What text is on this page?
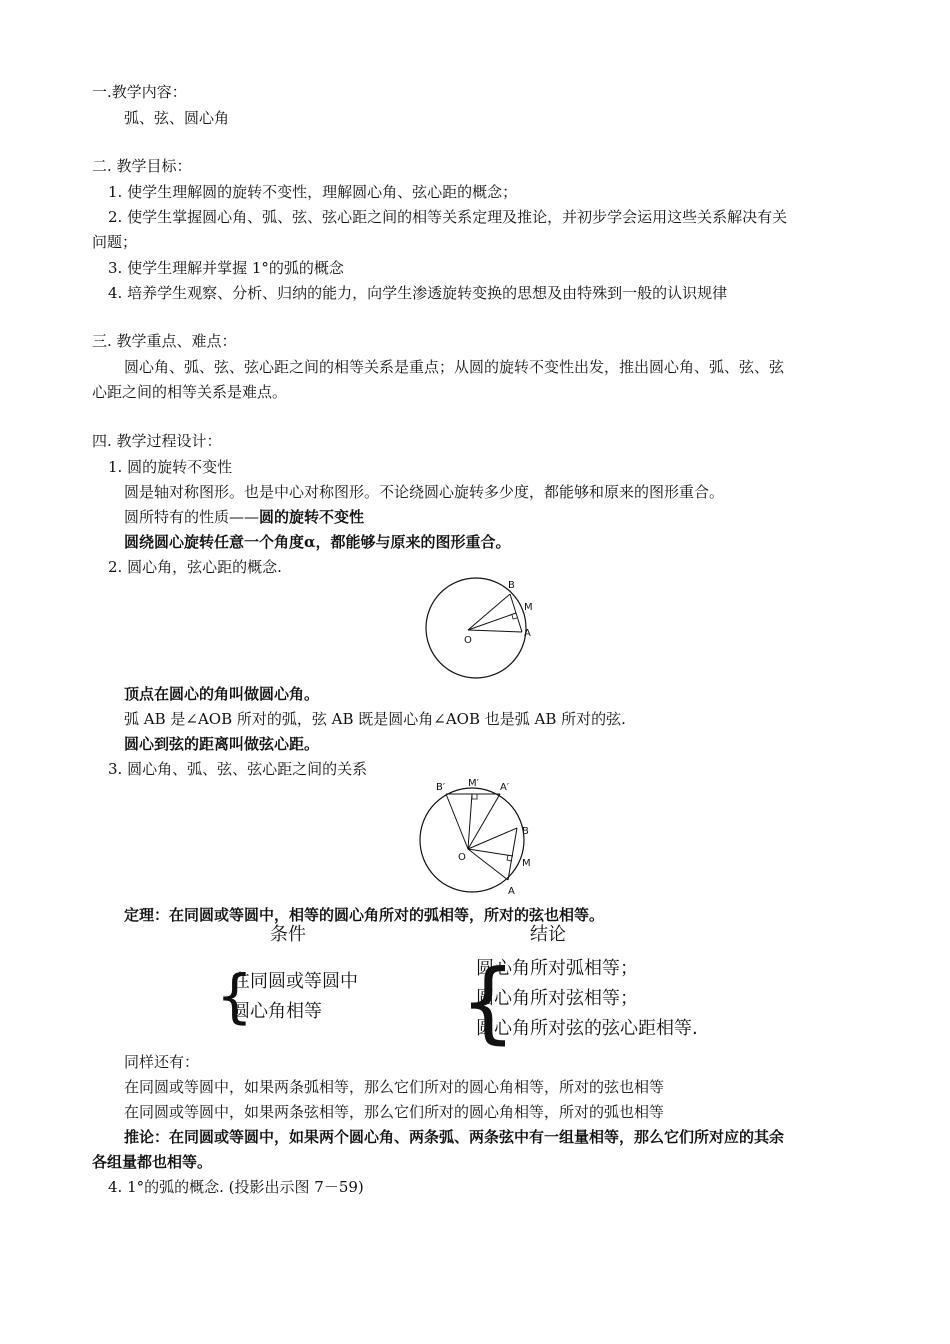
一.教学内容：
弧、弦、圆心角
二. 教学目标：
1. 使学生理解圆的旋转不变性，理解圆心角、弦心距的概念；
2. 使学生掌握圆心角、弧、弦、弦心距之间的相等关系定理及推论，并初步学会运用这些关系解决有关
问题；
3. 使学生理解并掌握 1°的弧的概念
4. 培养学生观察、分析、归纳的能力，向学生渗透旋转变换的思想及由特殊到一般的认识规律
三. 教学重点、难点：
圆心角、弧、弦、弦心距之间的相等关系是重点；从圆的旋转不变性出发，推出圆心角、弧、弦、弦
心距之间的相等关系是难点。
四. 教学过程设计：
1. 圆的旋转不变性
圆是轴对称图形。也是中心对称图形。不论绕圆心旋转多少度，都能够和原来的图形重合。
圆所特有的性质——圆的旋转不变性
圆绕圆心旋转任意一个角度α，都能够与原来的图形重合。
2. 圆心角，弦心距的概念.
O
A
B
M
顶点在圆心的角叫做圆心角。
弧 AB 是∠AOB 所对的弧，弦 AB 既是圆心角∠AOB 也是弧 AB 所对的弦.
圆心到弦的距离叫做弦心距。
3. 圆心角、弧、弦、弦心距之间的关系
O
A
B
M
A′
B′ M′
定理：在同圆或等圆中，相等的圆心角所对的弧相等，所对的弦也相等。
条件	结论
{
在同圆或等圆中
圆心角相等 {
圆心角所对弧相等；
圆心角所对弦相等；
圆心角所对弦的弦心距相等.
同样还有：
在同圆或等圆中，如果两条弧相等，那么它们所对的圆心角相等，所对的弦也相等
在同圆或等圆中，如果两条弦相等，那么它们所对的圆心角相等，所对的弧也相等
推论：在同圆或等圆中，如果两个圆心角、两条弧、两条弦中有一组量相等，那么它们所对应的其余
各组量都也相等。
4. 1°的弧的概念. (投影出示图 7－59)
